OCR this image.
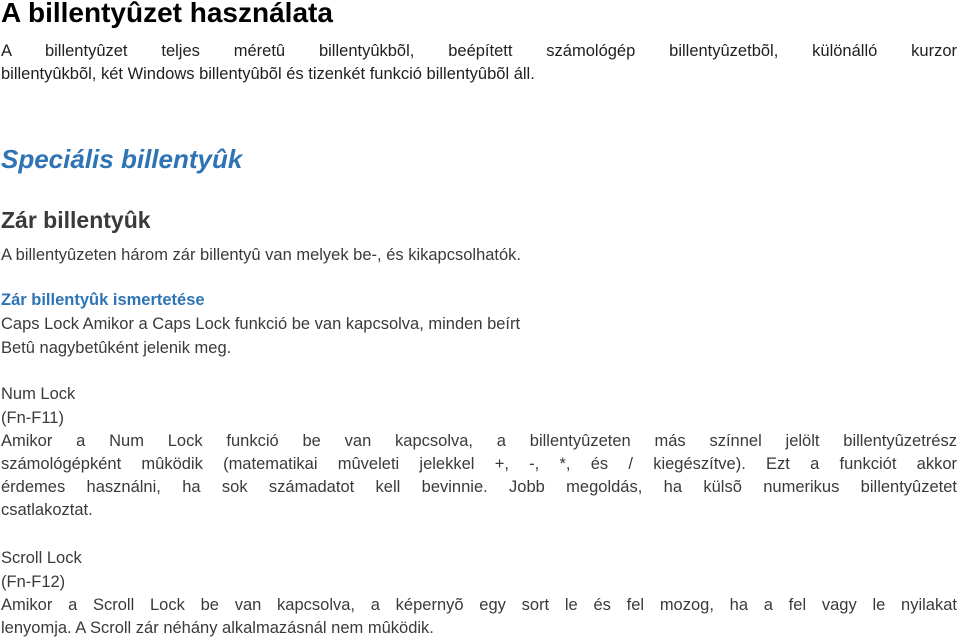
A billentyûzet használata

A billentyûzet teljes méretû billentyûkbõl, beépített számológép billentyûzetbõl, különálló kurzor
billentyûkbõl, két Windows billentyûbõl és tizenkét funkció billentyûbõl áll.

Speciális billentyûk
Zár billentyûk

A billentyûzeten három zár billentyû van melyek be-, és kikapcsolhatók.

Zár billentyûk ismertetése

Caps Lock Amikor a Caps Lock funkció be van kapcsolva, minden beírt
Betû nagybetûként jelenik meg.

Num Lock
(Fn-F11)

Amikor a Num Lock funkció be van kapcsolva, a billentyûzeten más színnel jelölt billentyûzetrész
számológépként mûködik (matematikai mûveleti jelekkel +, -, *, és / kiegészítve). Ezt a funkciót akkor
érdemes használni, ha sok számadatot kell bevinnie. Jobb megoldás, ha külsõ numerikus billentyûzetet
csatlakoztat.

Scroll Lock
(Fn-F12)

Amikor a Scroll Lock be van kapcsolva, a képernyõ egy sort le és fel mozog, ha a fel vagy le nyilakat
lenyomja. A Scroll zár néhány alkalmazásnál nem mûködik.
